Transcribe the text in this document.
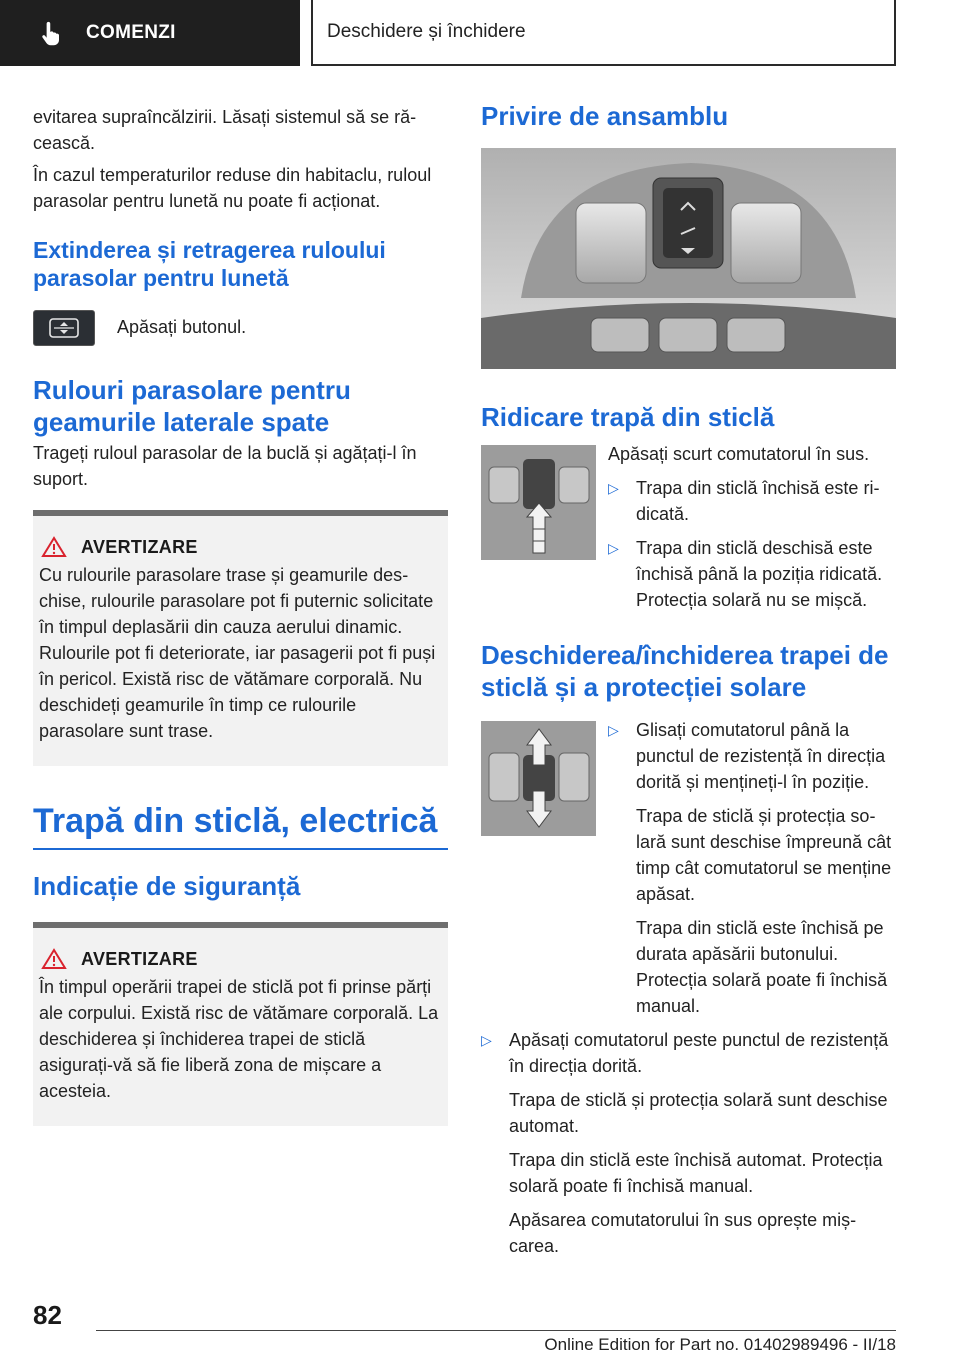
COMENZI	Deschidere și închidere

evitarea supraîncălzirii. Lăsați sistemul să se răcească.

În cazul temperaturilor reduse din habitaclu, ruloul parasolar pentru lunetă nu poate fi acționat.

Extinderea și retragerea ruloului parasolar pentru lunetă

Apăsați butonul.

Rulouri parasolare pentru geamurile laterale spate

Trageți ruloul parasolar de la buclă și agățați-l în suport.

AVERTIZARE

Cu rulourile parasolare trase și geamurile deschise, rulourile parasolare pot fi puternic solicitate în timpul deplasării din cauza aerului dinamic. Rulourile pot fi deteriorate, iar pasagerii pot fi puși în pericol. Există risc de vătămare corporală. Nu deschideți geamurile în timp ce rulourile parasolare sunt trase.

Trapă din sticlă, electrică
Indicație de siguranță
AVERTIZARE

În timpul operării trapei de sticlă pot fi prinse părți ale corpului. Există risc de vătămare corporală. La deschiderea și închiderea trapei de sticlă asigurați-vă să fie liberă zona de mișcare a acesteia.

Privire de ansamblu
Ridicare trapă din sticlă

Apăsați scurt comutatorul în sus.

▷ Trapa din sticlă închisă este ridicată.

▷ Trapa din sticlă deschisă este închisă până la poziția ridicată. Protecția solară nu se mișcă.

Deschiderea/închiderea trapei de sticlă și a protecției solare
▷ Glisați comutatorul până la punctul de rezistență în direcția dorită și mențineți-l în poziție.

Trapa de sticlă și protecția solară sunt deschise împreună cât timp cât comutatorul se menține apăsat.

Trapa din sticlă este închisă pe durata apăsării butonului. Protecția solară poate fi închisă manual.

▷ Apăsați comutatorul peste punctul de rezistență în direcția dorită.

Trapa de sticlă și protecția solară sunt deschise automat.

Trapa din sticlă este închisă automat. Protecția solară poate fi închisă manual.

Apăsarea comutatorului în sus oprește mișcarea.

82
Online Edition for Part no. 01402989496 - II/18
